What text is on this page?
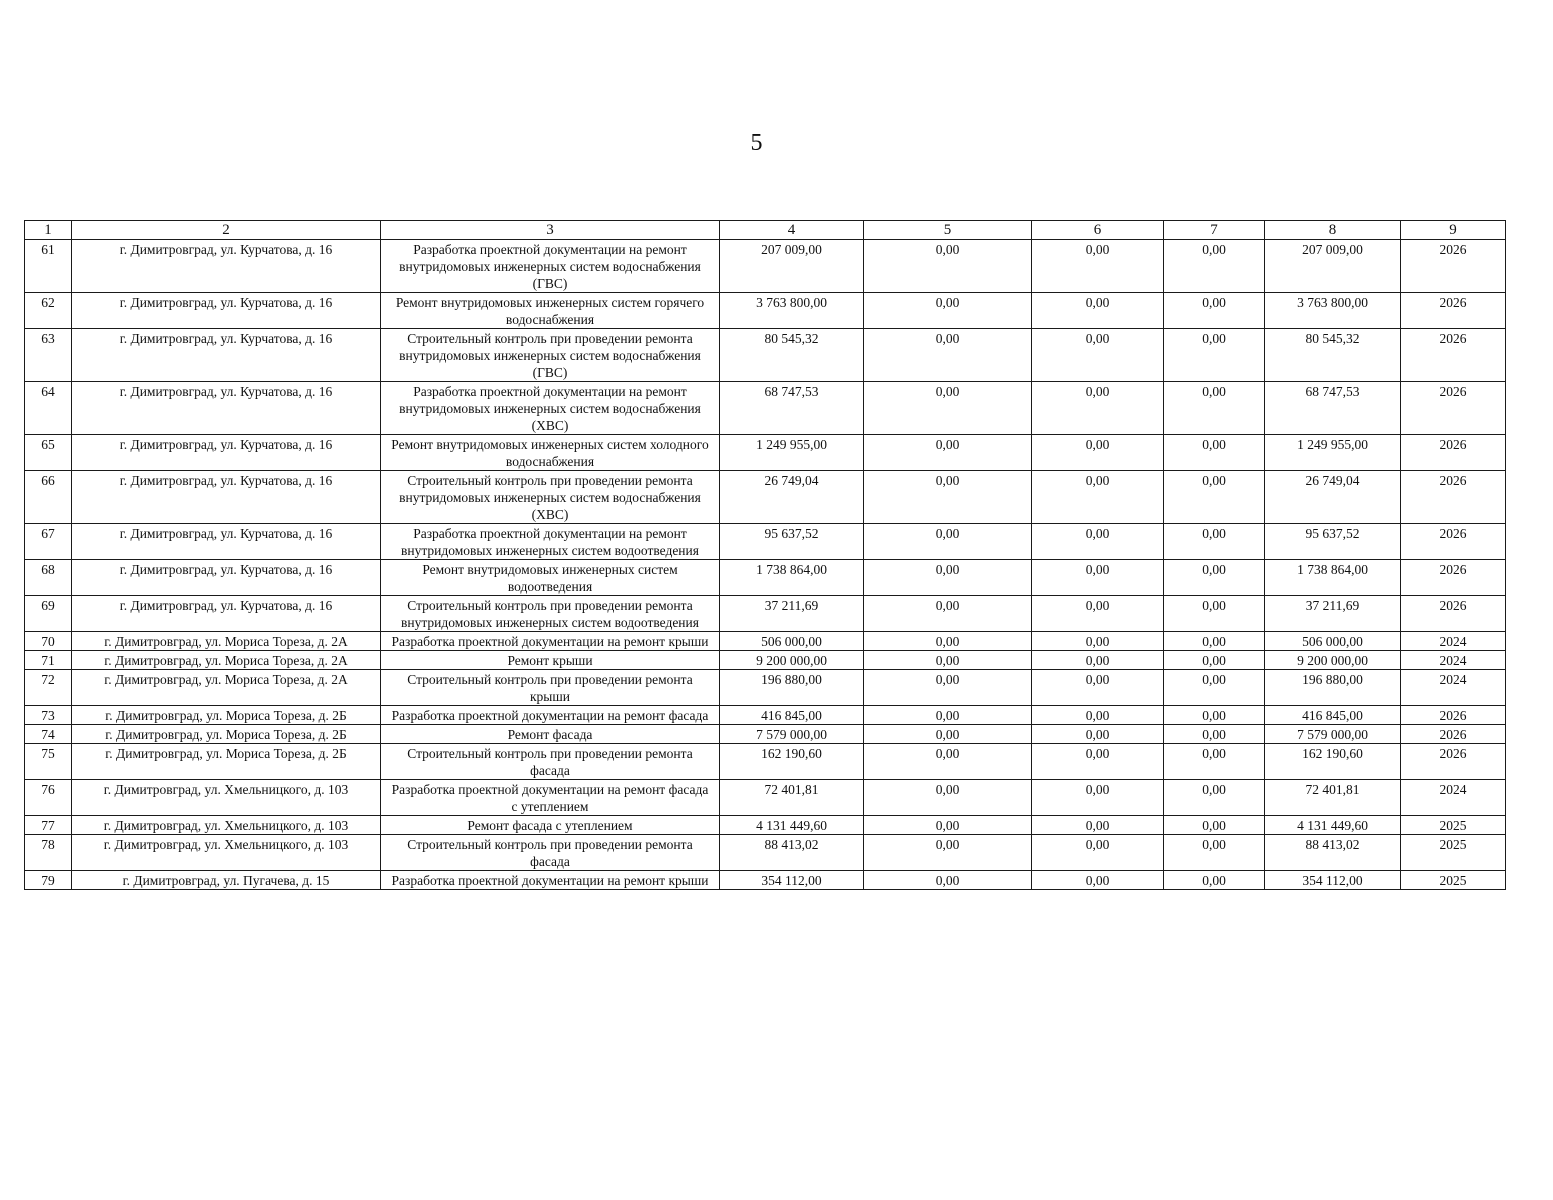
5
1	2	3	4	5	6	7	8	9
61	г. Димитровград, ул. Курчатова, д. 16	Разработка проектной документации на ремонт внутридомовых инженерных систем водоснабжения (ГВС)	207 009,00	0,00	0,00	0,00	207 009,00	2026
62	г. Димитровград, ул. Курчатова, д. 16	Ремонт внутридомовых инженерных систем горячего водоснабжения	3 763 800,00	0,00	0,00	0,00	3 763 800,00	2026
63	г. Димитровград, ул. Курчатова, д. 16	Строительный контроль при проведении ремонта внутридомовых инженерных систем водоснабжения (ГВС)	80 545,32	0,00	0,00	0,00	80 545,32	2026
64	г. Димитровград, ул. Курчатова, д. 16	Разработка проектной документации на ремонт внутридомовых инженерных систем водоснабжения (ХВС)	68 747,53	0,00	0,00	0,00	68 747,53	2026
65	г. Димитровград, ул. Курчатова, д. 16	Ремонт внутридомовых инженерных систем холодного водоснабжения	1 249 955,00	0,00	0,00	0,00	1 249 955,00	2026
66	г. Димитровград, ул. Курчатова, д. 16	Строительный контроль при проведении ремонта внутридомовых инженерных систем водоснабжения (ХВС)	26 749,04	0,00	0,00	0,00	26 749,04	2026
67	г. Димитровград, ул. Курчатова, д. 16	Разработка проектной документации на ремонт внутридомовых инженерных систем водоотведения	95 637,52	0,00	0,00	0,00	95 637,52	2026
68	г. Димитровград, ул. Курчатова, д. 16	Ремонт внутридомовых инженерных систем водоотведения	1 738 864,00	0,00	0,00	0,00	1 738 864,00	2026
69	г. Димитровград, ул. Курчатова, д. 16	Строительный контроль при проведении ремонта внутридомовых инженерных систем водоотведения	37 211,69	0,00	0,00	0,00	37 211,69	2026
70	г. Димитровград, ул. Мориса Тореза, д. 2А	Разработка проектной документации на ремонт крыши	506 000,00	0,00	0,00	0,00	506 000,00	2024
71	г. Димитровград, ул. Мориса Тореза, д. 2А	Ремонт крыши	9 200 000,00	0,00	0,00	0,00	9 200 000,00	2024
72	г. Димитровград, ул. Мориса Тореза, д. 2А	Строительный контроль при проведении ремонта крыши	196 880,00	0,00	0,00	0,00	196 880,00	2024
73	г. Димитровград, ул. Мориса Тореза, д. 2Б	Разработка проектной документации на ремонт фасада	416 845,00	0,00	0,00	0,00	416 845,00	2026
74	г. Димитровград, ул. Мориса Тореза, д. 2Б	Ремонт фасада	7 579 000,00	0,00	0,00	0,00	7 579 000,00	2026
75	г. Димитровград, ул. Мориса Тореза, д. 2Б	Строительный контроль при проведении ремонта фасада	162 190,60	0,00	0,00	0,00	162 190,60	2026
76	г. Димитровград, ул. Хмельницкого, д. 103	Разработка проектной документации на ремонт фасада с утеплением	72 401,81	0,00	0,00	0,00	72 401,81	2024
77	г. Димитровград, ул. Хмельницкого, д. 103	Ремонт фасада с утеплением	4 131 449,60	0,00	0,00	0,00	4 131 449,60	2025
78	г. Димитровград, ул. Хмельницкого, д. 103	Строительный контроль при проведении ремонта фасада	88 413,02	0,00	0,00	0,00	88 413,02	2025
79	г. Димитровград, ул. Пугачева, д. 15	Разработка проектной документации на ремонт крыши	354 112,00	0,00	0,00	0,00	354 112,00	2025
